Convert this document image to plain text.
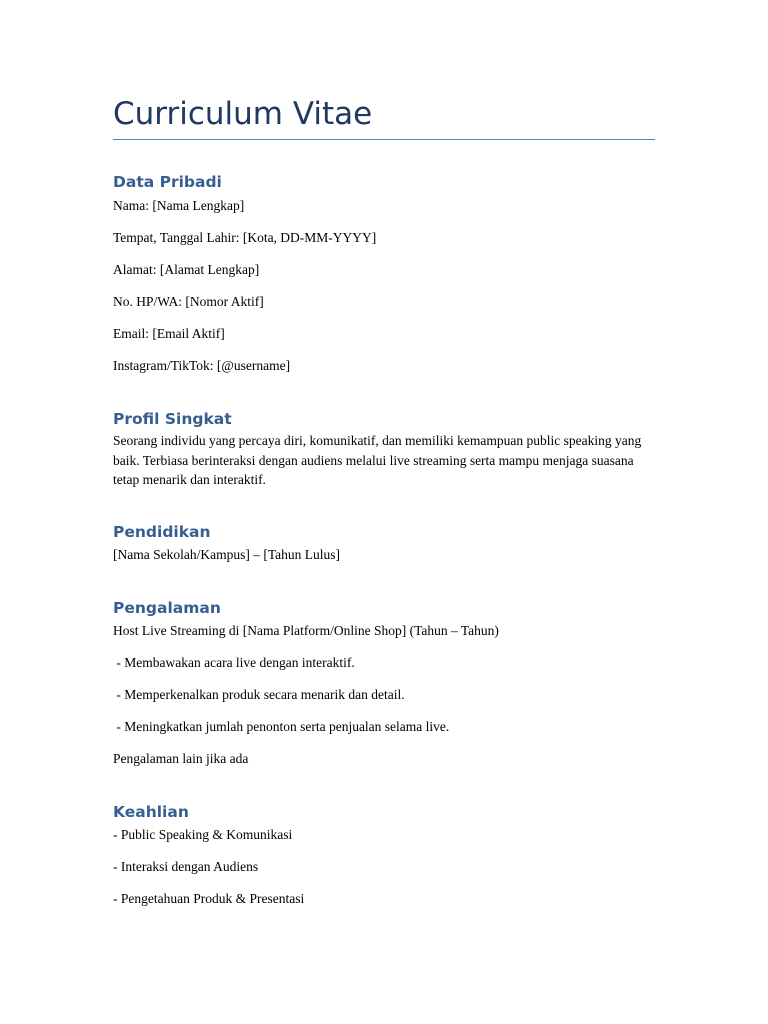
Curriculum Vitae
Data Pribadi
Nama: [Nama Lengkap]
Tempat, Tanggal Lahir: [Kota, DD-MM-YYYY]
Alamat: [Alamat Lengkap]
No. HP/WA: [Nomor Aktif]
Email: [Email Aktif]
Instagram/TikTok: [@username]
Profil Singkat
Seorang individu yang percaya diri, komunikatif, dan memiliki kemampuan public speaking yang baik. Terbiasa berinteraksi dengan audiens melalui live streaming serta mampu menjaga suasana tetap menarik dan interaktif.
Pendidikan
[Nama Sekolah/Kampus] – [Tahun Lulus]
Pengalaman
Host Live Streaming di [Nama Platform/Online Shop] (Tahun – Tahun)
- Membawakan acara live dengan interaktif.
- Memperkenalkan produk secara menarik dan detail.
- Meningkatkan jumlah penonton serta penjualan selama live.
Pengalaman lain jika ada
Keahlian
- Public Speaking & Komunikasi
- Interaksi dengan Audiens
- Pengetahuan Produk & Presentasi
